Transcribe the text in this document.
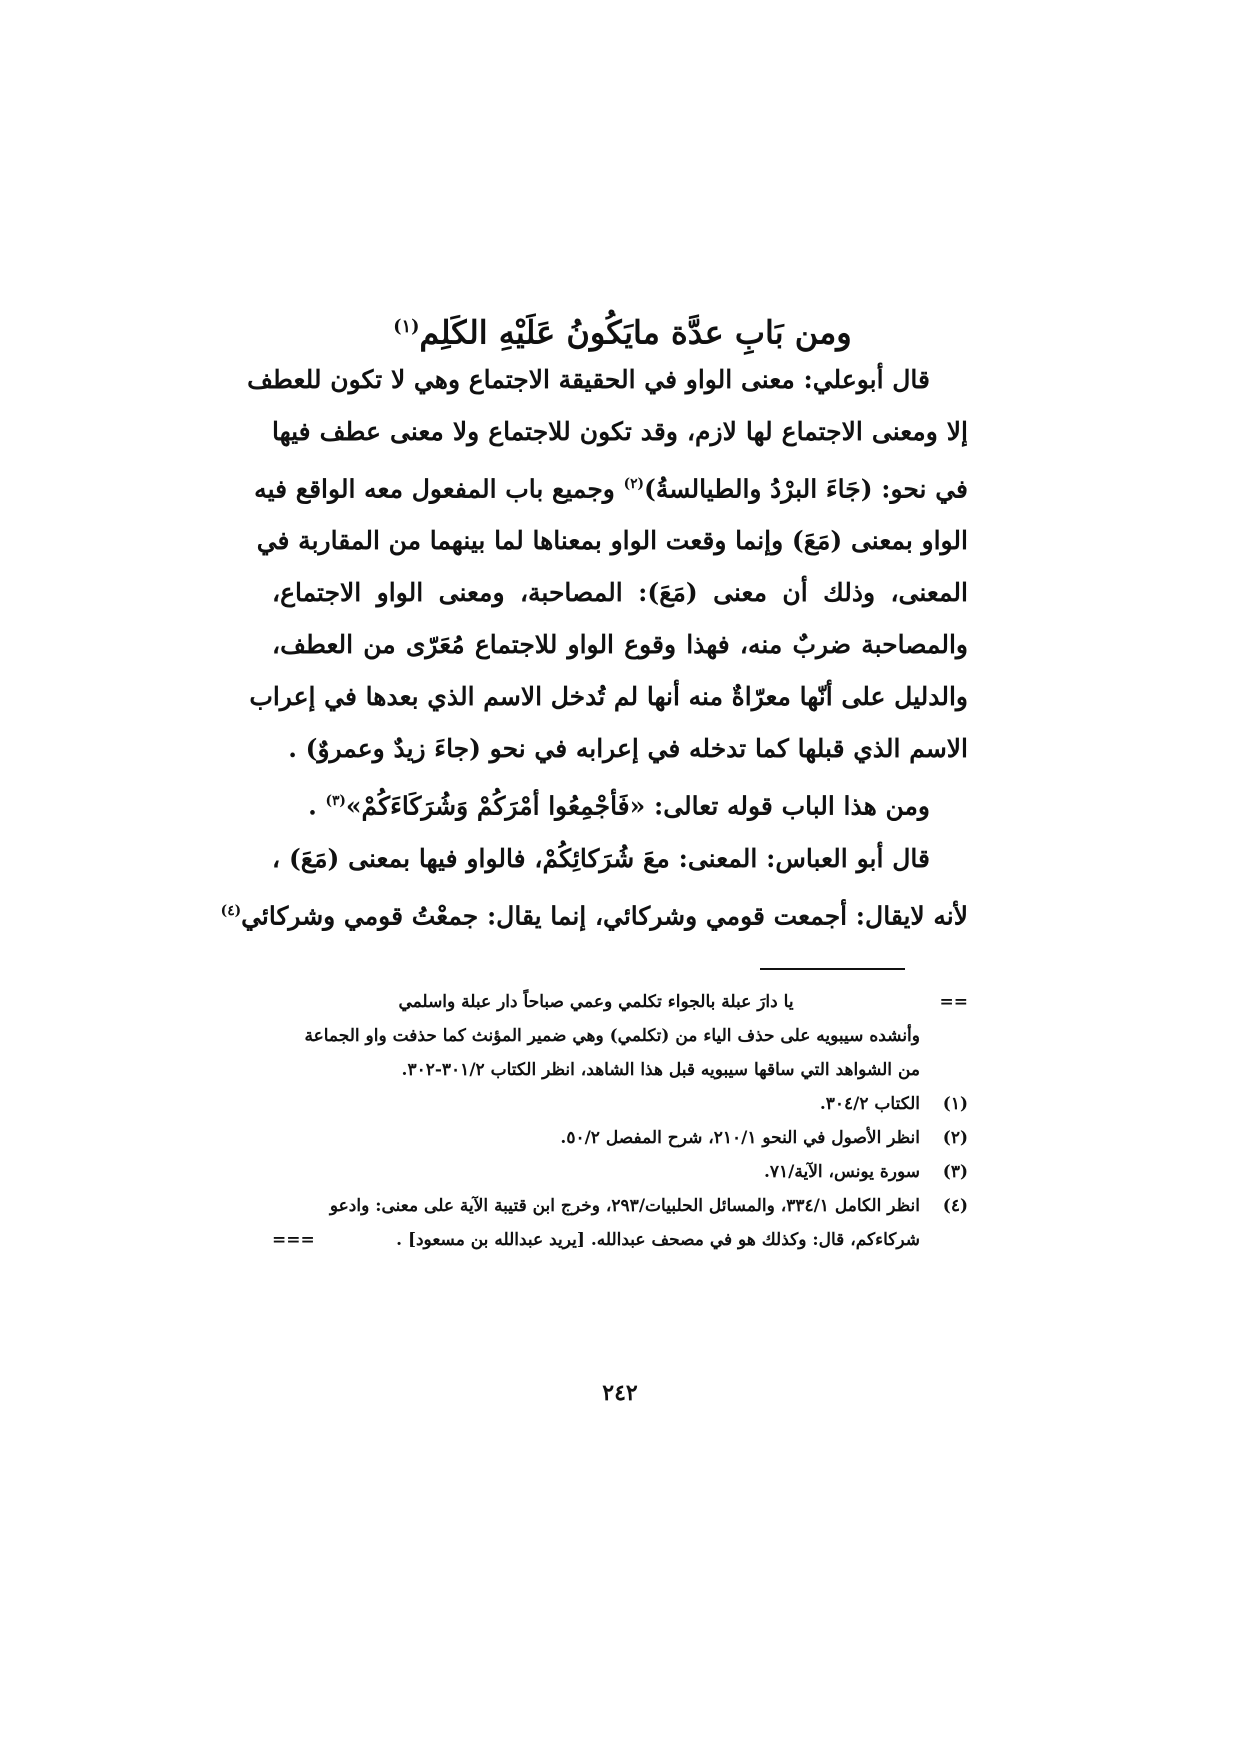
ومن بَابِ عدَّة مايَكُونُ عَلَيْهِ الكَلِم$^{(١)}$

قال أبوعلي: معنى الواو في الحقيقة الاجتماع وهي لا تكون للعطف

إلا ومعنى الاجتماع لها لازم، وقد تكون للاجتماع ولا معنى عطف فيها

في نحو: (جَاءَ البرْدُ والطيالسةُ)$^{(٢)}$ وجميع باب المفعول معه الواقع فيه

الواو بمعنى (مَعَ) وإنما وقعت الواو بمعناها لما بينهما من المقاربة في

المعنى، وذلك أن معنى (مَعَ): المصاحبة، ومعنى الواو الاجتماع،

والمصاحبة ضربٌ منه، فهذا وقوع الواو للاجتماع مُعَرّى من العطف،

والدليل على أنّها معرّاةٌ منه أنها لم تُدخل الاسم الذي بعدها في إعراب

الاسم الذي قبلها كما تدخله في إعرابه في نحو (جاءَ زيدٌ وعمروٌ) .

ومن هذا الباب قوله تعالى: «فَأجْمِعُوا أمْرَكُمْ وَشُرَكَاءَكُمْ»$^{(٣)}$ .

قال أبو العباس: المعنى: معَ شُرَكائِكُمْ، فالواو فيها بمعنى (مَعَ) ،

لأنه لايقال: أجمعت قومي وشركائي، إنما يقال: جمعْتُ قومي وشركائي$^{(٤)}$

==
يا دارَ عبلة بالجواء تكلمي وعمي صباحاً دار عبلة واسلمي
وأنشده سيبويه على حذف الياء من (تكلمي) وهي ضمير المؤنث كما حذفت واو الجماعة
من الشواهد التي ساقها سيبويه قبل هذا الشاهد، انظر الكتاب ٣٠١/٢-٣٠٢.
(١)
الكتاب ٣٠٤/٢.
(٢)
انظر الأصول في النحو ٢١٠/١، شرح المفصل ٥٠/٢.
(٣)
سورة يونس، الآية/٧١.
(٤)
انظر الكامل ٣٣٤/١، والمسائل الحلبيات/٢٩٣، وخرج ابن قتيبة الآية على معنى: وادعو
شركاءكم، قال: وكذلك هو في مصحف عبدالله. [يريد عبدالله بن مسعود] .
===
٢٤٢
